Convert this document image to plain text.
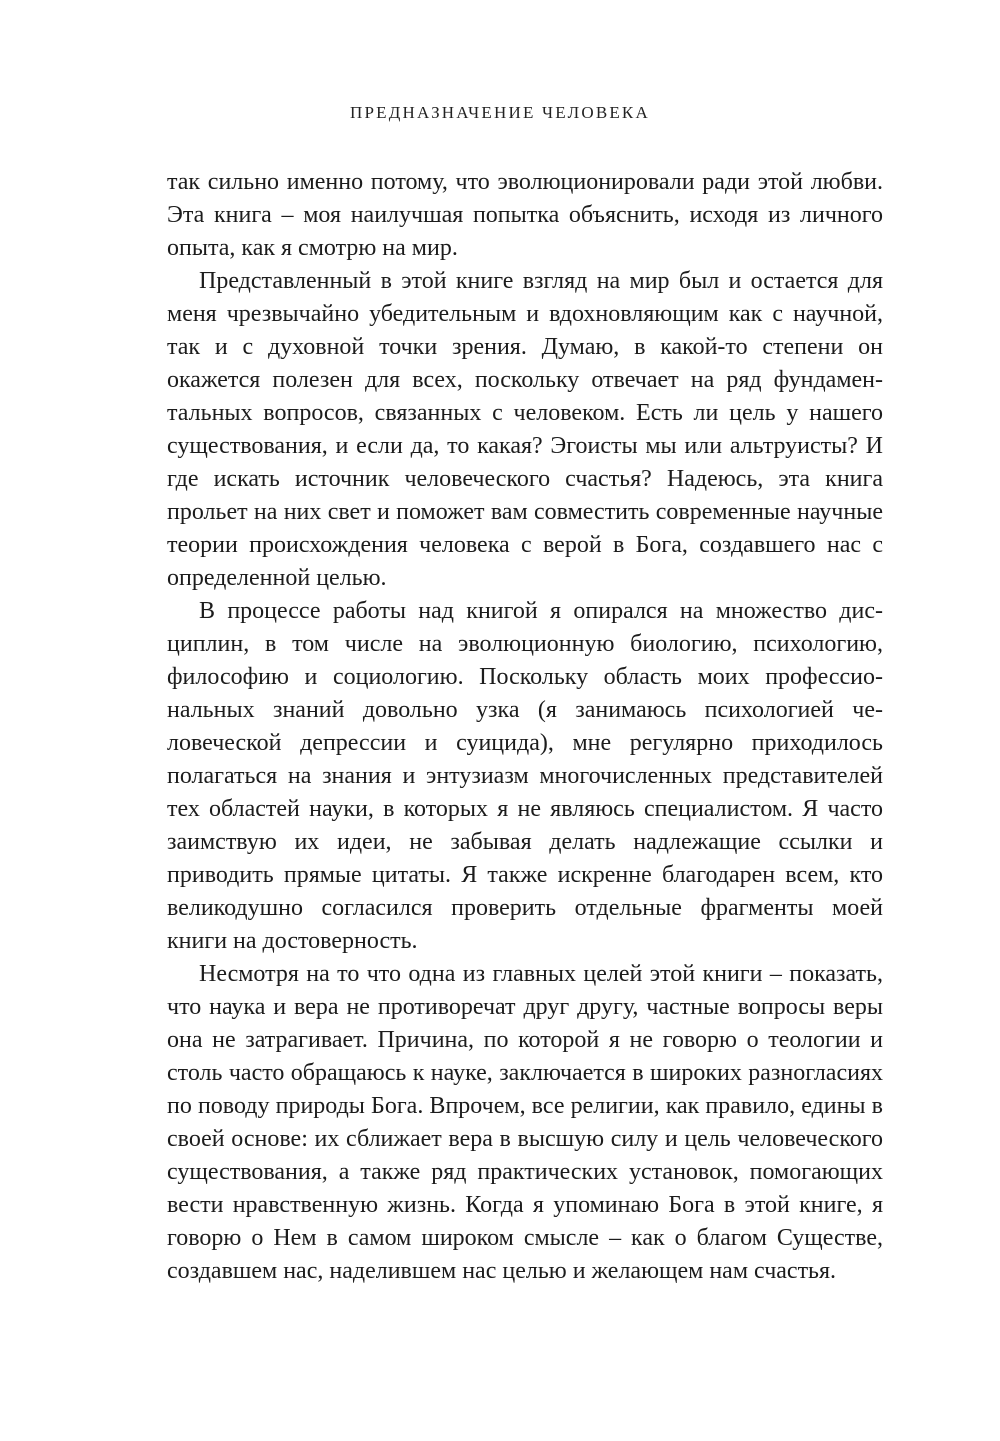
ПРЕДНАЗНАЧЕНИЕ ЧЕЛОВЕКА

так сильно именно потому, что эволюционировали ради этой любви. Эта книга – моя наилучшая попытка объяснить, исходя из личного опыта, как я смотрю на мир.

Представленный в этой книге взгляд на мир был и остается для меня чрезвычайно убедительным и вдохновляющим как с научной, так и с духовной точки зрения. Думаю, в какой-то степени он окажется полезен для всех, поскольку отвечает на ряд фундаментальных вопросов, связанных с человеком. Есть ли цель у нашего существования, и если да, то какая? Эгоисты мы или альтруисты? И где искать источник человеческого счастья? Надеюсь, эта книга прольет на них свет и поможет вам совместить современные научные теории происхождения человека с верой в Бога, создавшего нас с определенной целью.

В процессе работы над книгой я опирался на множество дисциплин, в том числе на эволюционную биологию, психологию, философию и социологию. Поскольку область моих профессиональных знаний довольно узка (я занимаюсь психологией человеческой депрессии и суицида), мне регулярно приходилось полагаться на знания и энтузиазм многочисленных представителей тех областей науки, в которых я не являюсь специалистом. Я часто заимствую их идеи, не забывая делать надлежащие ссылки и приводить прямые цитаты. Я также искренне благодарен всем, кто великодушно согласился проверить отдельные фрагменты моей книги на достоверность.

Несмотря на то что одна из главных целей этой книги – показать, что наука и вера не противоречат друг другу, частные вопросы веры она не затрагивает. Причина, по которой я не говорю о теологии и столь часто обращаюсь к науке, заключается в широких разногласиях по поводу природы Бога. Впрочем, все религии, как правило, едины в своей основе: их сближает вера в высшую силу и цель человеческого существования, а также ряд практических установок, помогающих вести нравственную жизнь. Когда я упоминаю Бога в этой книге, я говорю о Нем в самом широком смысле – как о благом Существе, создавшем нас, наделившем нас целью и желающем нам счастья.
